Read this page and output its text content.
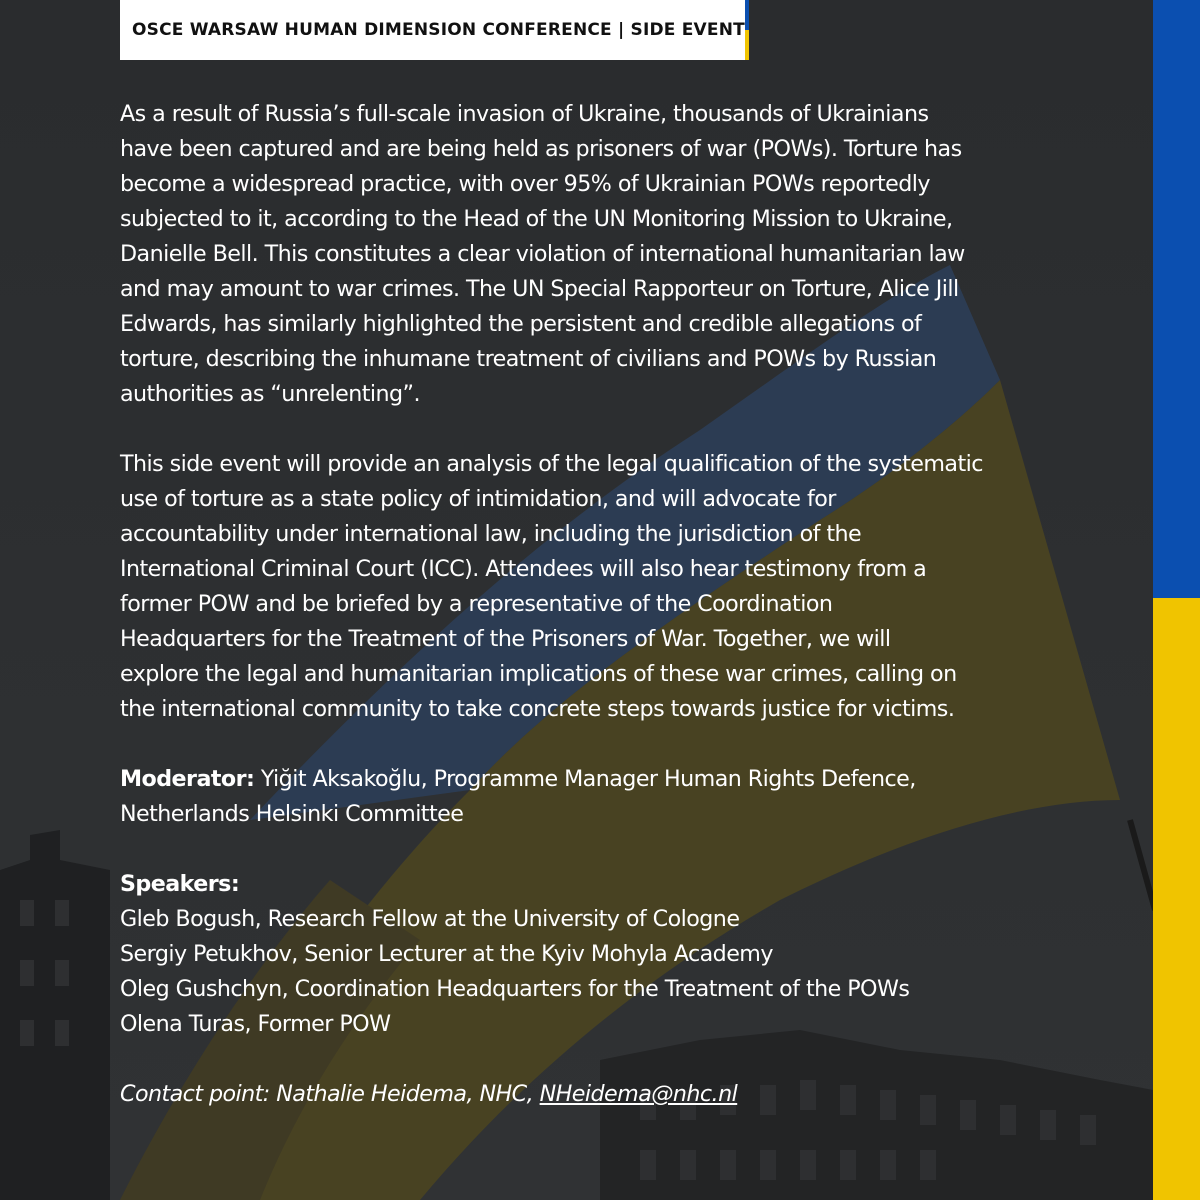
OSCE WARSAW HUMAN DIMENSION CONFERENCE | SIDE EVENT

As a result of Russia’s full-scale invasion of Ukraine, thousands of Ukrainians
have been captured and are being held as prisoners of war (POWs). Torture has
become a widespread practice, with over 95% of Ukrainian POWs reportedly
subjected to it, according to the Head of the UN Monitoring Mission to Ukraine,
Danielle Bell. This constitutes a clear violation of international humanitarian law
and may amount to war crimes. The UN Special Rapporteur on Torture, Alice Jill
Edwards, has similarly highlighted the persistent and credible allegations of
torture, describing the inhumane treatment of civilians and POWs by Russian
authorities as “unrelenting”.

This side event will provide an analysis of the legal qualification of the systematic
use of torture as a state policy of intimidation, and will advocate for
accountability under international law, including the jurisdiction of the
International Criminal Court (ICC). Attendees will also hear testimony from a
former POW and be briefed by a representative of the Coordination
Headquarters for the Treatment of the Prisoners of War. Together, we will
explore the legal and humanitarian implications of these war crimes, calling on
the international community to take concrete steps towards justice for victims.

Moderator: Yiğit Aksakoğlu, Programme Manager Human Rights Defence,
Netherlands Helsinki Committee

Speakers:
Gleb Bogush, Research Fellow at the University of Cologne
Sergiy Petukhov, Senior Lecturer at the Kyiv Mohyla Academy
Oleg Gushchyn, Coordination Headquarters for the Treatment of the POWs
Olena Turas, Former POW

Contact point: Nathalie Heidema, NHC, NHeidema@nhc.nl
